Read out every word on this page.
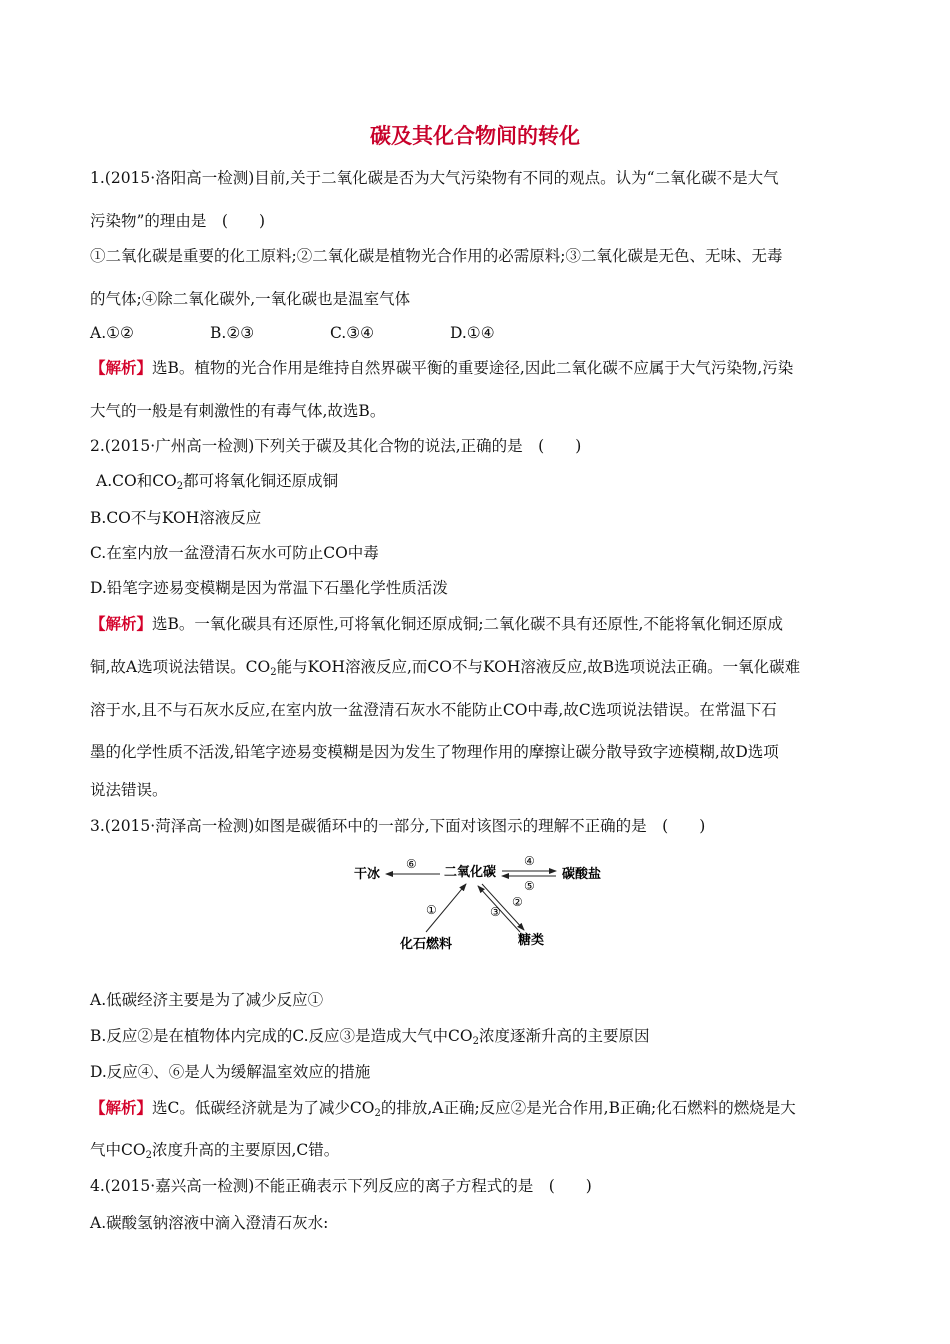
碳及其化合物间的转化
1.(2015·洛阳高一检测)目前,关于二氧化碳是否为大气污染物有不同的观点。认为“二氧化碳不是大气
污染物”的理由是　(　　)
①二氧化碳是重要的化工原料;②二氧化碳是植物光合作用的必需原料;③二氧化碳是无色、无味、无毒
的气体;④除二氧化碳外,一氧化碳也是温室气体
A.①②	B.②③	C.③④	D.①④
【解析】选B。植物的光合作用是维持自然界碳平衡的重要途径,因此二氧化碳不应属于大气污染物,污染
大气的一般是有刺激性的有毒气体,故选B。
2.(2015·广州高一检测)下列关于碳及其化合物的说法,正确的是　(　　)
A.CO和$CO_2$都可将氧化铜还原成铜
B.CO不与KOH溶液反应
C.在室内放一盆澄清石灰水可防止CO中毒
D.铅笔字迹易变模糊是因为常温下石墨化学性质活泼
【解析】选B。一氧化碳具有还原性,可将氧化铜还原成铜;二氧化碳不具有还原性,不能将氧化铜还原成
铜,故A选项说法错误。$CO_2$能与KOH溶液反应,而CO不与KOH溶液反应,故B选项说法正确。一氧化碳难
溶于水,且不与石灰水反应,在室内放一盆澄清石灰水不能防止CO中毒,故C选项说法错误。在常温下石
墨的化学性质不活泼,铅笔字迹易变模糊是因为发生了物理作用的摩擦让碳分散导致字迹模糊,故D选项
说法错误。
3.(2015·菏泽高一检测)如图是碳循环中的一部分,下面对该图示的理解不正确的是　(　　)
干冰	二氧化碳	碳酸盐
化石燃料	糖类
⑥	④
⑤
①
②
③
A.低碳经济主要是为了减少反应①
B.反应②是在植物体内完成的C.反应③是造成大气中$CO_2$浓度逐渐升高的主要原因
D.反应④、⑥是人为缓解温室效应的措施
【解析】选C。低碳经济就是为了减少$CO_2$的排放,A正确;反应②是光合作用,B正确;化石燃料的燃烧是大
气中$CO_2$浓度升高的主要原因,C错。
4.(2015·嘉兴高一检测)不能正确表示下列反应的离子方程式的是　(　　)
A.碳酸氢钠溶液中滴入澄清石灰水:
